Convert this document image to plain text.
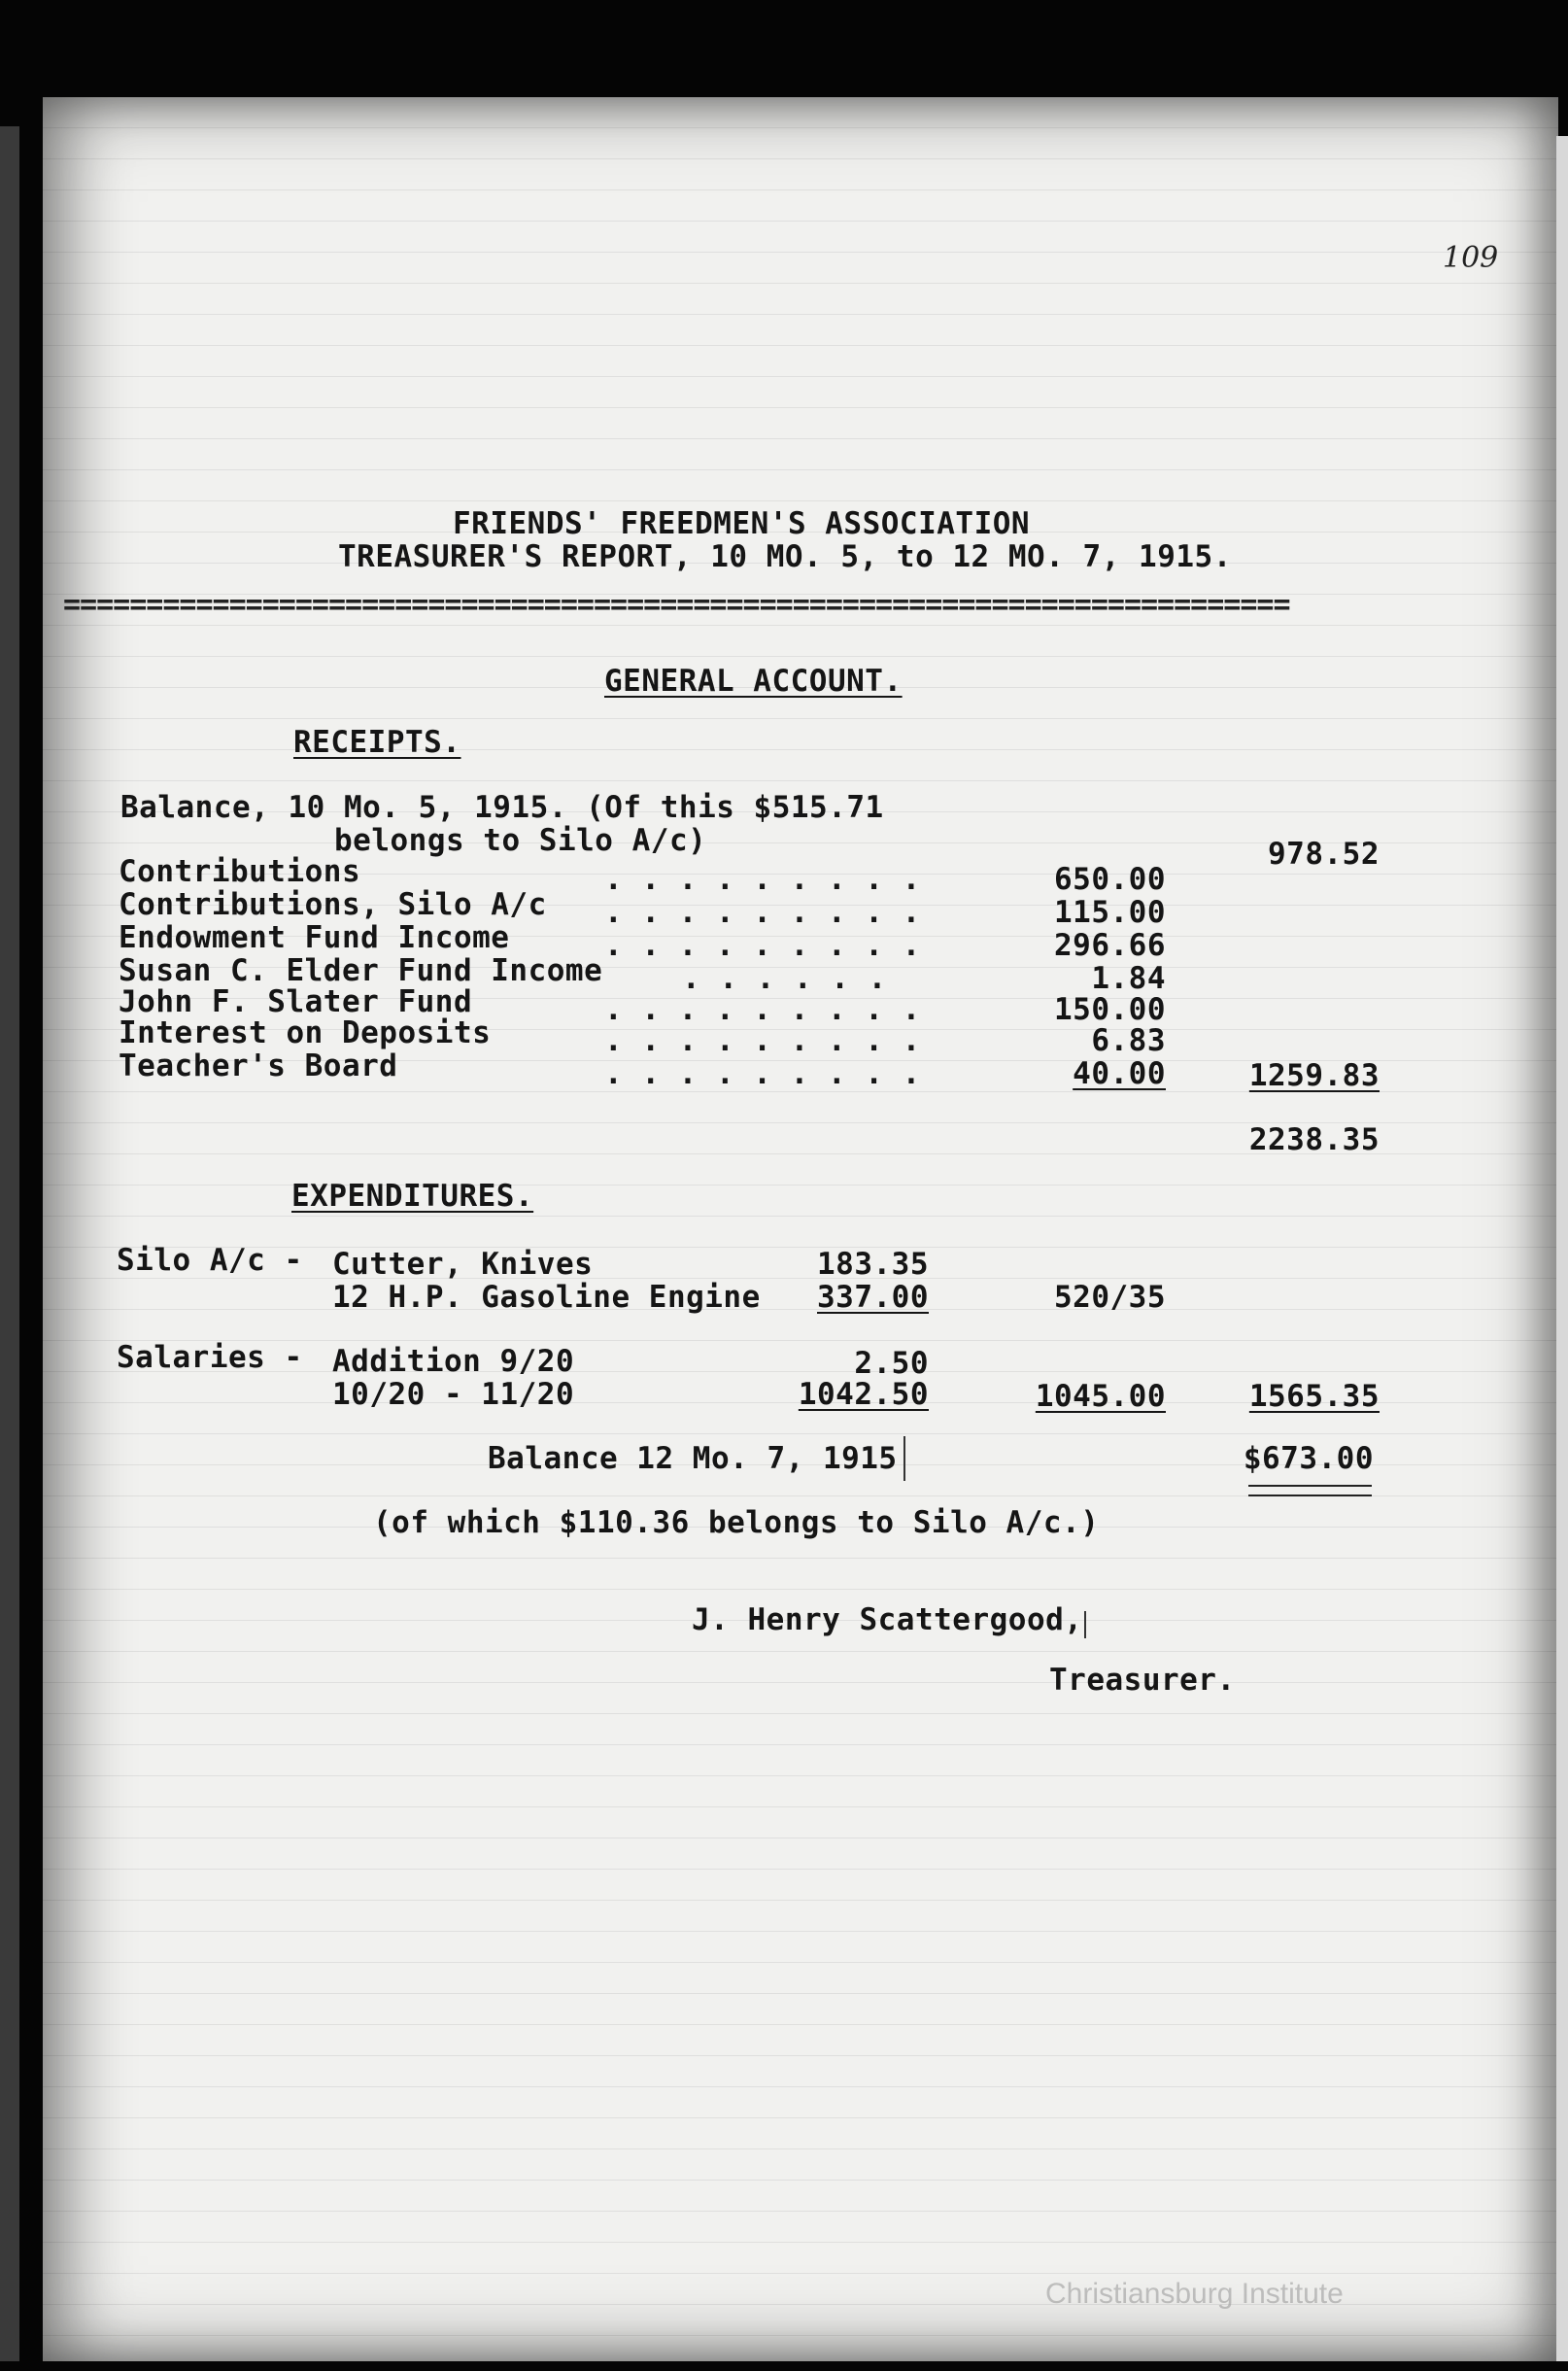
109
FRIENDS' FREEDMEN'S ASSOCIATION
TREASURER'S REPORT, 10 MO. 5, to 12 MO. 7, 1915.
==========================================================================
GENERAL ACCOUNT.
RECEIPTS.
Balance, 10 Mo. 5, 1915. (Of this $515.71
belongs to Silo A/c)	978.52
Contributions	. . . . . . . . .	650.00
Contributions, Silo A/c . . . . . . . . .	115.00
Endowment Fund Income	. . . . . . . . .	296.66
Susan C. Elder Fund Income	. . . . . .	1.84
John F. Slater Fund	. . . . . . . . .	150.00
Interest on Deposits	. . . . . . . . .	6.83
Teacher's Board	. . . . . . . . .	40.00	1259.83
2238.35
EXPENDITURES.
Silo A/c - Cutter, Knives	183.35
12 H.P. Gasoline Engine	337.00	520/35
Salaries - Addition 9/20	2.50
10/20 - 11/20	1042.50	1045.00	1565.35
Balance 12 Mo. 7, 1915	$673.00
(of which $110.36 belongs to Silo A/c.)
J. Henry Scattergood,
Treasurer.
Christiansburg Institute
